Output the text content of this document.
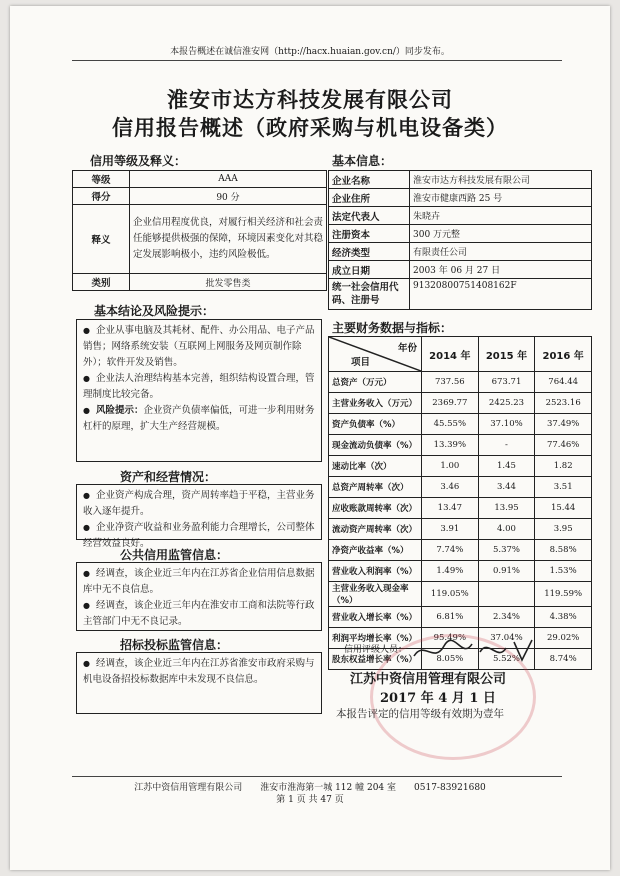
本报告概述在诚信淮安网（http://hacx.huaian.gov.cn/）同步发布。
淮安市达方科技发展有限公司
信用报告概述（政府采购与机电设备类）
信用等级及释义：
等级	AAA
得分	90 分
释义	企业信用程度优良，对履行相关经济和社会责任能够提供极强的保障，环境因素变化对其稳定发展影响极小，违约风险极低。
类别	批发零售类
基本信息：
企业名称	淮安市达方科技发展有限公司
企业住所	淮安市健康西路 25 号
法定代表人	朱晓卉
注册资本	300 万元整
经济类型	有限责任公司
成立日期	2003 年 06 月 27 日
统一社会信用代码、注册号	91320800751408162F
基本结论及风险提示：

● 企业从事电脑及其耗材、配件、办公用品、电子产品销售；网络系统安装（互联网上网服务及网页制作除外）；软件开发及销售。

● 企业法人治理结构基本完善，组织结构设置合理，管理制度比较完备。

● 风险提示：企业资产负债率偏低，可进一步利用财务杠杆的原理，扩大生产经营规模。

资产和经营情况：

● 企业资产构成合理，资产周转率趋于平稳，主营业务收入逐年提升。

● 企业净资产收益和业务盈利能力合理增长，公司整体经营效益良好。

公共信用监管信息：

● 经调查，该企业近三年内在江苏省企业信用信息数据库中无不良信息。

● 经调查，该企业近三年内在淮安市工商和法院等行政主管部门中无不良记录。

招标投标监管信息：

● 经调查，该企业近三年内在江苏省淮安市政府采购与机电设备招投标数据库中未发现不良信息。

主要财务数据与指标：
年份
项目	2014 年	2015 年	2016 年
总资产（万元）	737.56	673.71	764.44
主营业务收入（万元）	2369.77	2425.23	2523.16
资产负债率（%）	45.55%	37.10%	37.49%
现金流动负债率（%）	13.39%	-	77.46%
速动比率（次）	1.00	1.45	1.82
总资产周转率（次）	3.46	3.44	3.51
应收账款周转率（次）	13.47	13.95	15.44
流动资产周转率（次）	3.91	4.00	3.95
净资产收益率（%）	7.74%	5.37%	8.58%
营业收入利润率（%）	1.49%	0.91%	1.53%
主营业务收入现金率（%）	119.05%		119.59%
营业收入增长率（%）	6.81%	2.34%	4.38%
利润平均增长率（%）	95.49%	37.04%	29.02%
股东权益增长率（%）	8.05%	5.52%	8.74%
信用评级人员：
江苏中资信用管理有限公司
2017 年 4 月 1 日
本报告评定的信用等级有效期为壹年
江苏中资信用管理有限公司　　淮安市淮海第一城 112 幢 204 室　　0517-83921680
第 1 页 共 47 页
